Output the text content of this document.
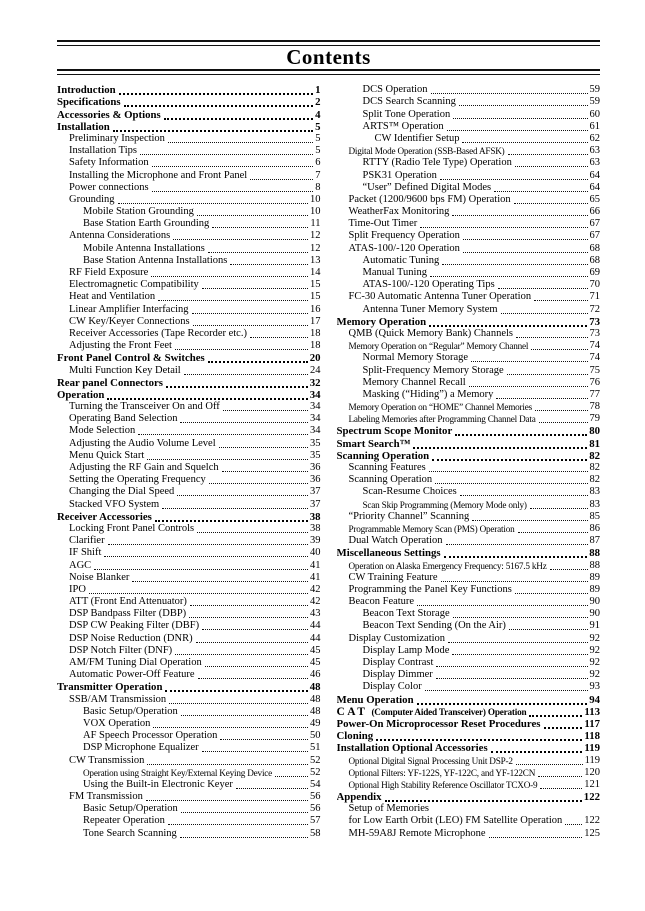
Contents
Introduction	1
Specifications	2
Accessories & Options	4
Installation	5
Preliminary Inspection	5
Installation Tips	5
Safety Information	6
Installing the Microphone and Front Panel	7
Power connections	8
Grounding	10
Mobile Station Grounding	10
Base Station Earth Grounding	11
Antenna Considerations	12
Mobile Antenna Installations	12
Base Station Antenna Installations	13
RF Field Exposure	14
Electromagnetic Compatibility	15
Heat and Ventilation	15
Linear Amplifier Interfacing	16
CW Key/Keyer Connections	17
Receiver Accessories (Tape Recorder etc.)	18
Adjusting the Front Feet	18
Front Panel Control & Switches	20
Multi Function Key Detail	24
Rear panel Connectors	32
Operation	34
Turning the Transceiver On and Off	34
Operating Band Selection	34
Mode Selection	34
Adjusting the Audio Volume Level	35
Menu Quick Start	35
Adjusting the RF Gain and Squelch	36
Setting the Operating Frequency	36
Changing the Dial Speed	37
Stacked VFO System	37
Receiver Accessories	38
Locking Front Panel Controls	38
Clarifier	39
IF Shift	40
AGC	41
Noise Blanker	41
IPO	42
ATT (Front End Attenuator)	42
DSP Bandpass Filter (DBP)	43
DSP CW Peaking Filter (DBF)	44
DSP Noise Reduction (DNR)	44
DSP Notch Filter (DNF)	45
AM/FM Tuning Dial Operation	45
Automatic Power-Off Feature	46
Transmitter Operation	48
SSB/AM Transmission	48
Basic Setup/Operation	48
VOX Operation	49
AF Speech Processor Operation	50
DSP Microphone Equalizer	51
CW Transmission	52
Operation using Straight Key/External Keying Device	52
Using the Built-in Electronic Keyer	54
FM Transmission	56
Basic Setup/Operation	56
Repeater Operation	57
Tone Search Scanning	58
DCS Operation	59
DCS Search Scanning	59
Split Tone Operation	60
ARTS™ Operation	61
CW Identifier Setup	62
Digital Mode Operation (SSB-Based AFSK)	63
RTTY (Radio Tele Type) Operation	63
PSK31 Operation	64
“User” Defined Digital Modes	64
Packet (1200/9600 bps FM) Operation	65
WeatherFax Monitoring	66
Time-Out Timer	67
Split Frequency Operation	67
ATAS-100/-120 Operation	68
Automatic Tuning	68
Manual Tuning	69
ATAS-100/-120 Operating Tips	70
FC-30 Automatic Antenna Tuner Operation	71
Antenna Tuner Memory System	72
Memory Operation	73
QMB (Quick Memory Bank) Channels	73
Memory Operation on “Regular” Memory Channel	74
Normal Memory Storage	74
Split-Frequency Memory Storage	75
Memory Channel Recall	76
Masking (“Hiding”) a Memory	77
Memory Operation on “HOME” Channel Memories	78
Labeling Memories after Programming Channel Data	79
Spectrum Scope Monitor	80
Smart Search™	81
Scanning Operation	82
Scanning Features	82
Scanning Operation	82
Scan-Resume Choices	83
Scan Skip Programming (Memory Mode only)	83
“Priority Channel” Scanning	85
Programmable Memory Scan (PMS) Operation	86
Dual Watch Operation	87
Miscellaneous Settings	88
Operation on Alaska Emergency Frequency: 5167.5 kHz	88
CW Training Feature	89
Programming the Panel Key Functions	89
Beacon Feature	90
Beacon Text Storage	90
Beacon Text Sending (On the Air)	91
Display Customization	92
Display Lamp Mode	92
Display Contrast	92
Display Dimmer	92
Display Color	93
Menu Operation	94
CAT (Computer Aided Transceiver) Operation	113
Power-On Microprocessor Reset Procedures	117
Cloning	118
Installation Optional Accessories	119
Optional Digital Signal Processing Unit DSP-2	119
Optional Filters: YF-122S, YF-122C, and YF-122CN	120
Optional High Stability Reference Oscillator TCXO-9	121
Appendix	122
Setup of Memories
for Low Earth Orbit (LEO) FM Satellite Operation 122
MH-59A8J Remote Microphone	125
